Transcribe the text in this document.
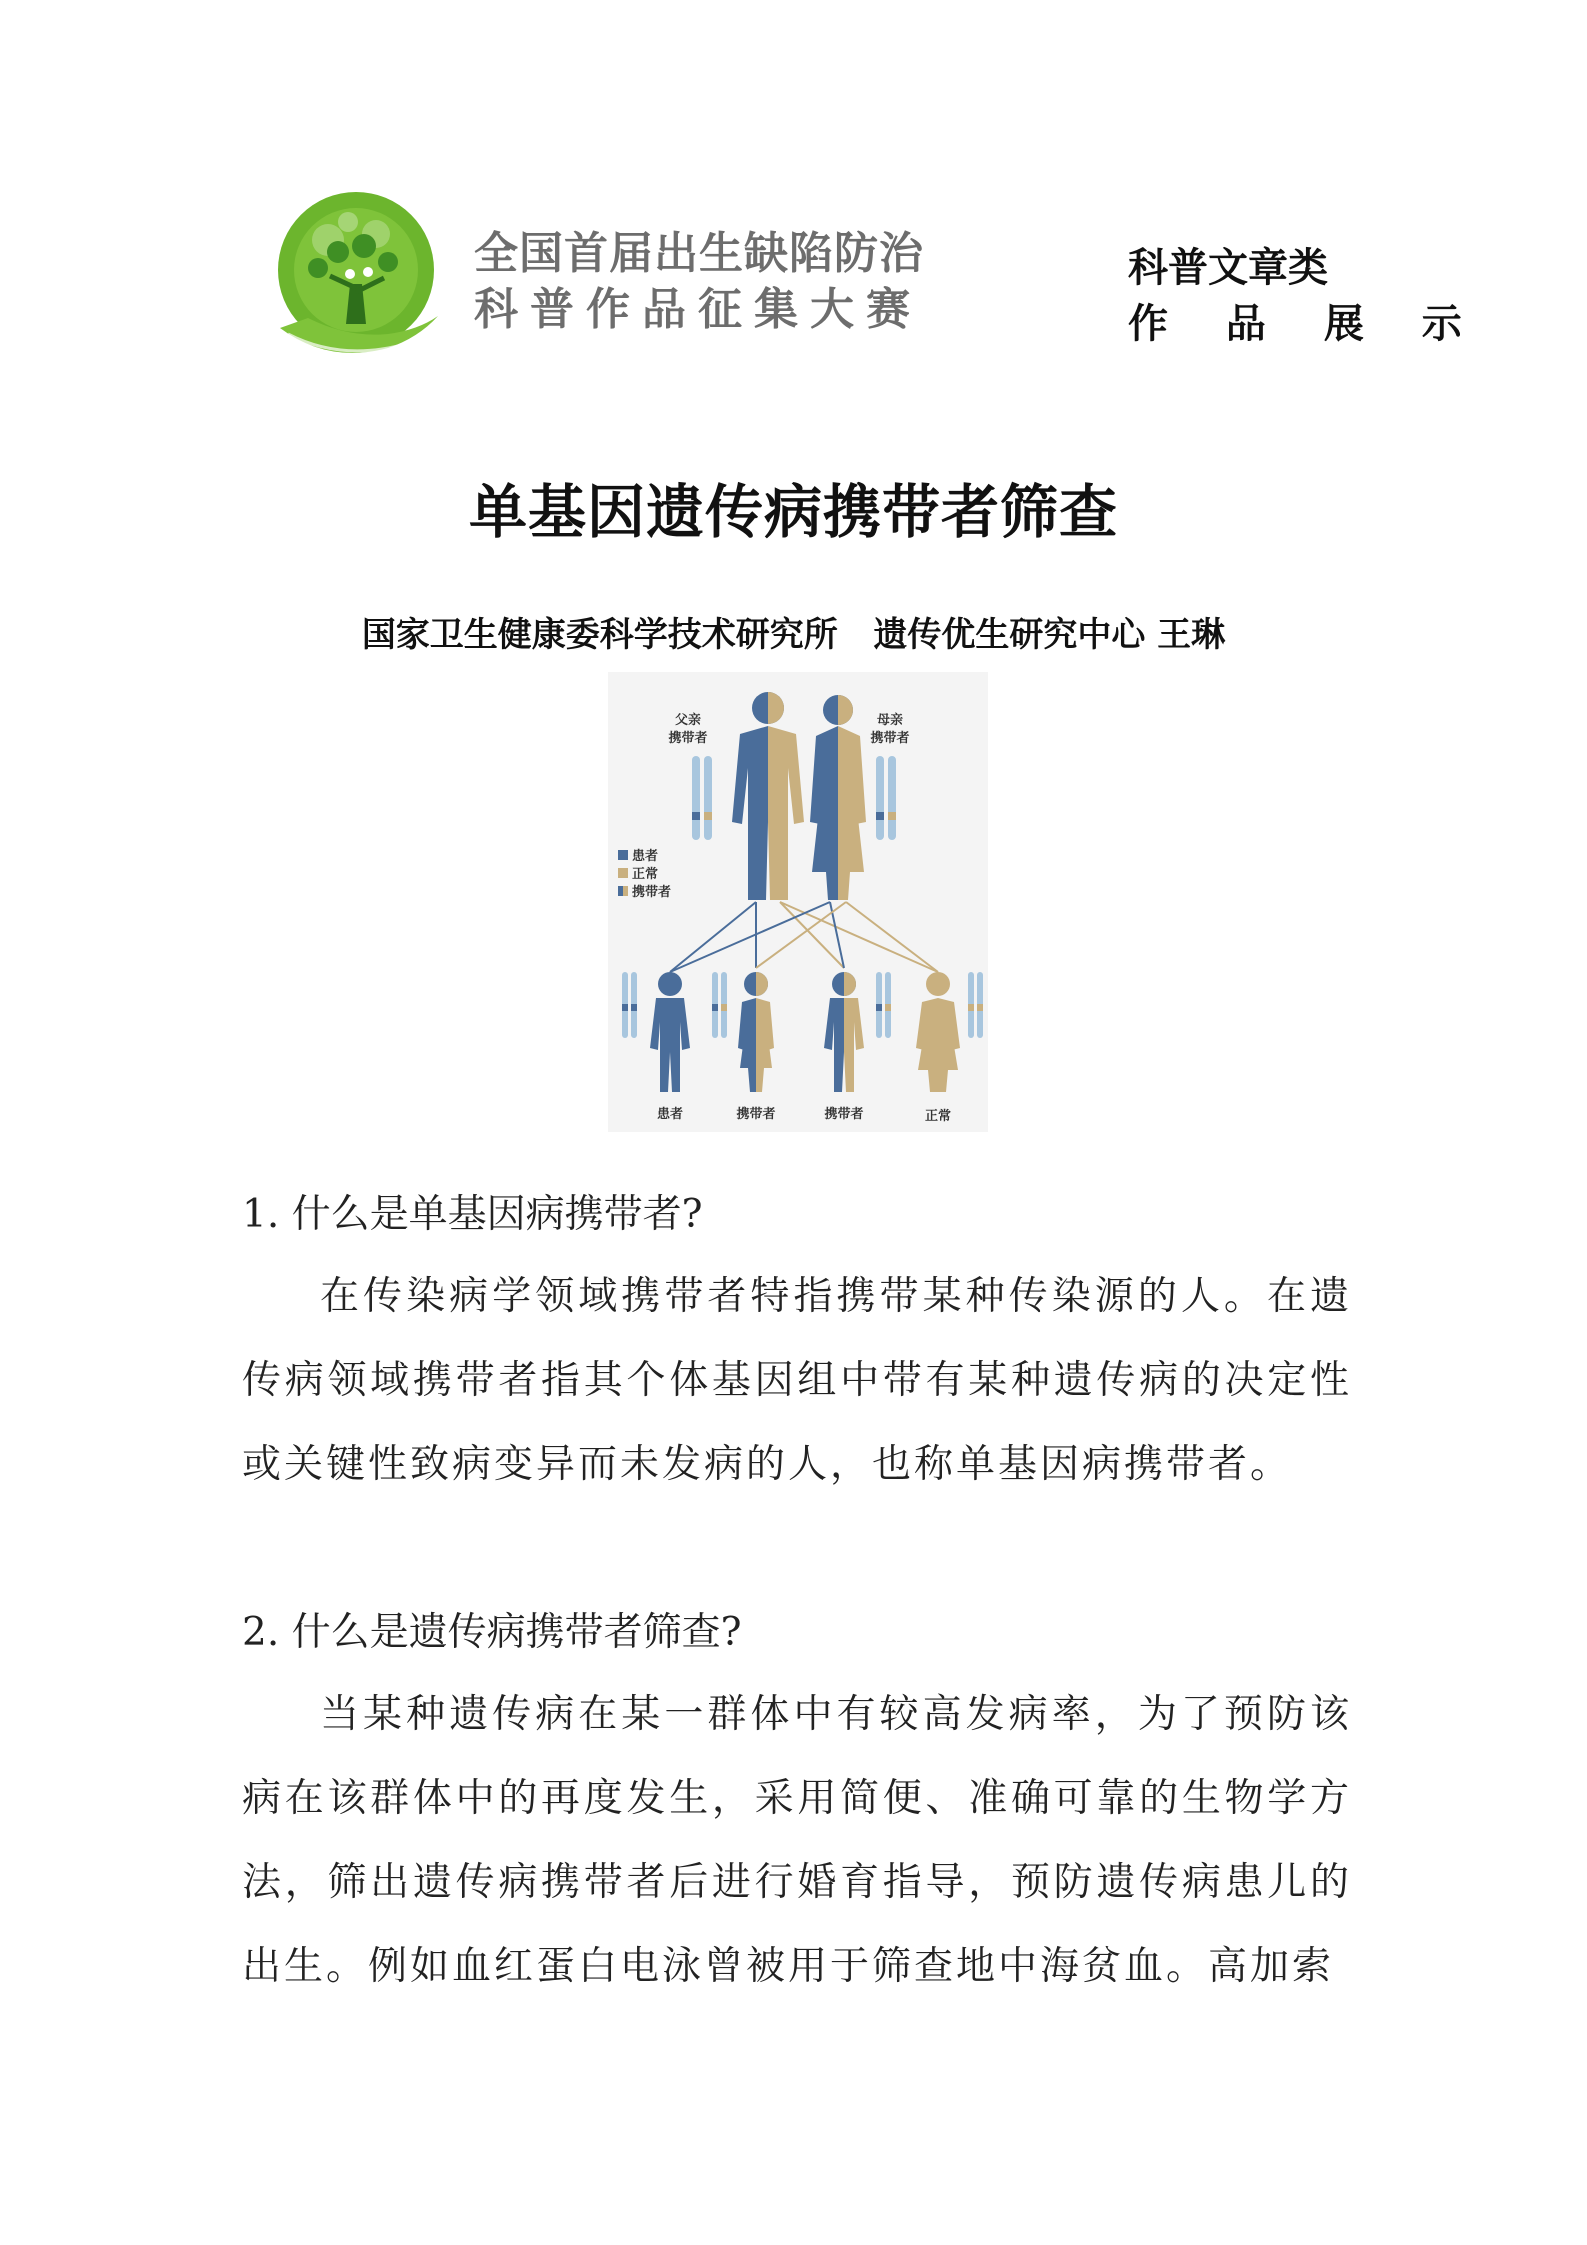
全国首届出生缺陷防治
科普作品征集大赛
科普文章类
作 品 展 示
单基因遗传病携带者筛查
国家卫生健康委科学技术研究所   遗传优生研究中心 王琳
父亲
携带者
母亲
携带者
患者
正常
携带者
患者	携带者	携带者	正常
1. 什么是单基因病携带者?

在传染病学领域携带者特指携带某种传染源的人。在遗传病领域携带者指其个体基因组中带有某种遗传病的决定性或关键性致病变异而未发病的人，也称单基因病携带者。

2. 什么是遗传病携带者筛查?

当某种遗传病在某一群体中有较高发病率，为了预防该病在该群体中的再度发生，采用简便、准确可靠的生物学方法，筛出遗传病携带者后进行婚育指导，预防遗传病患儿的出生。例如血红蛋白电泳曾被用于筛查地中海贫血。高加索
